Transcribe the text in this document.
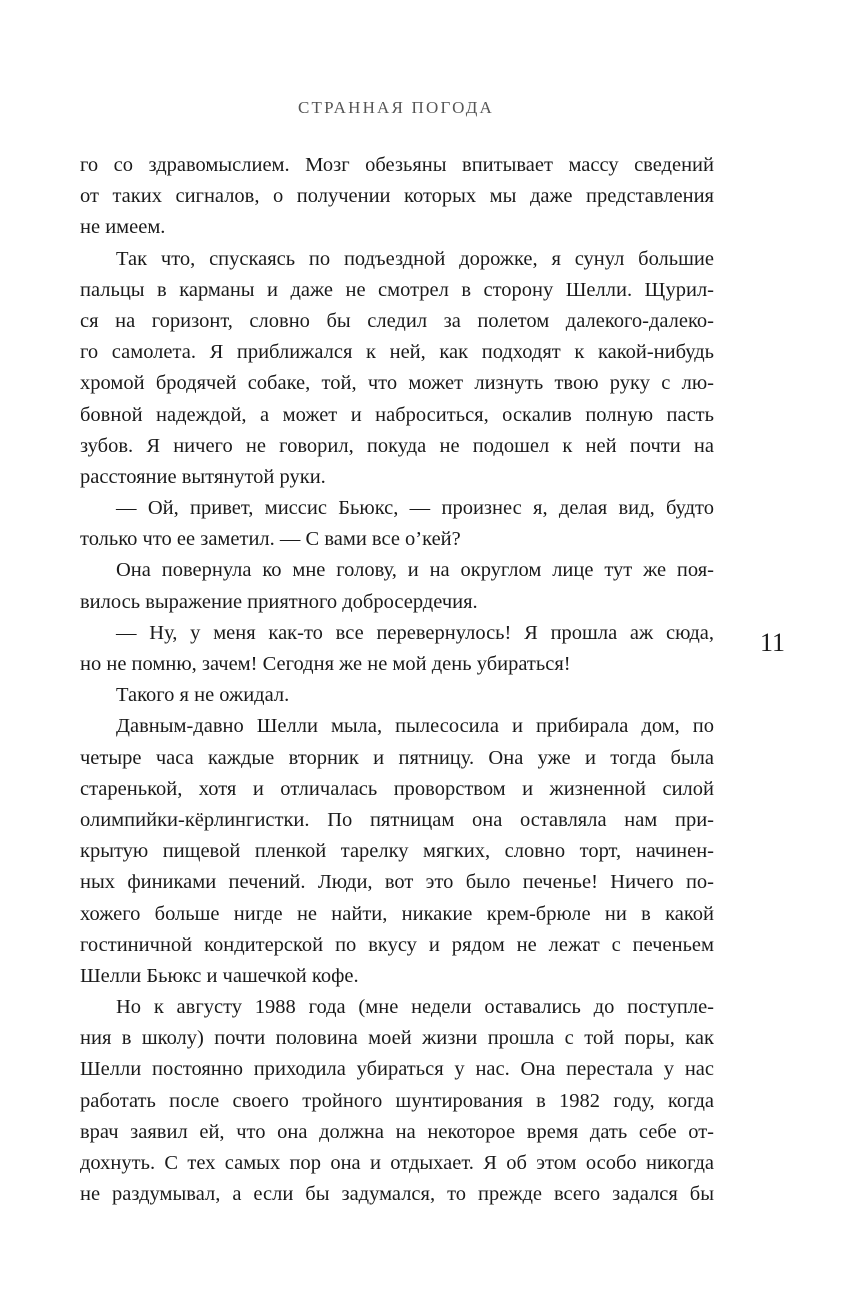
СТРАННАЯ ПОГОДА
го со здравомыслием. Мозг обезьяны впитывает массу сведений
от таких сигналов, о получении которых мы даже представления
не имеем.
Так что, спускаясь по подъездной дорожке, я сунул большие
пальцы в карманы и даже не смотрел в сторону Шелли. Щурил-
ся на горизонт, словно бы следил за полетом далекого-далеко-
го самолета. Я приближался к ней, как подходят к какой-нибудь
хромой бродячей собаке, той, что может лизнуть твою руку с лю-
бовной надеждой, а может и наброситься, оскалив полную пасть
зубов. Я ничего не говорил, покуда не подошел к ней почти на
расстояние вытянутой руки.
— Ой, привет, миссис Бьюкс, — произнес я, делая вид, будто
только что ее заметил. — С вами все о’кей?
Она повернула ко мне голову, и на округлом лице тут же поя-
вилось выражение приятного добросердечия.
— Ну, у меня как-то все перевернулось! Я прошла аж сюда,
но не помню, зачем! Сегодня же не мой день убираться!
Такого я не ожидал.
Давным-давно Шелли мыла, пылесосила и прибирала дом, по
четыре часа каждые вторник и пятницу. Она уже и тогда была
старенькой, хотя и отличалась проворством и жизненной силой
олимпийки-кёрлингистки. По пятницам она оставляла нам при-
крытую пищевой пленкой тарелку мягких, словно торт, начинен-
ных финиками печений. Люди, вот это было печенье! Ничего по-
хожего больше нигде не найти, никакие крем-брюле ни в какой
гостиничной кондитерской по вкусу и рядом не лежат с печеньем
Шелли Бьюкс и чашечкой кофе.
Но к августу 1988 года (мне недели оставались до поступле-
ния в школу) почти половина моей жизни прошла с той поры, как
Шелли постоянно приходила убираться у нас. Она перестала у нас
работать после своего тройного шунтирования в 1982 году, когда
врач заявил ей, что она должна на некоторое время дать себе от-
дохнуть. С тех самых пор она и отдыхает. Я об этом особо никогда
не раздумывал, а если бы задумался, то прежде всего задался бы
11
